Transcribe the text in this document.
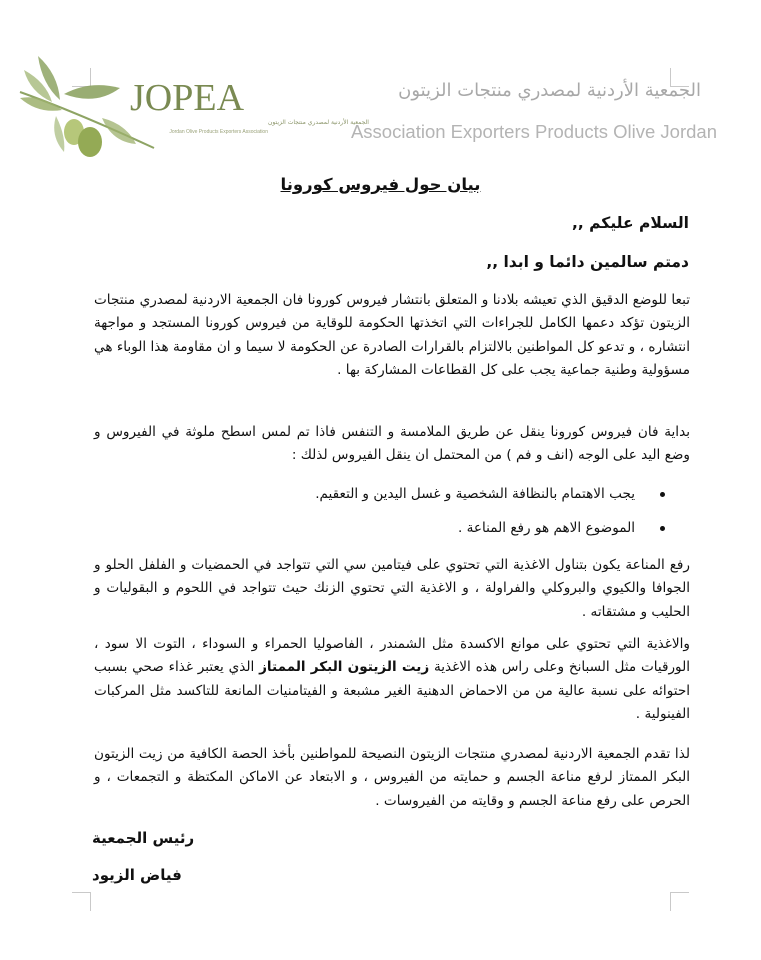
JOPEA
الجمعية الأردنية لمصدري منتجات الزيتون
Jordan Olive Products Exporters Association
الجمعية الأردنية لمصدري منتجات الزيتون
Association Exporters Products Olive Jordan
بيان حول فيروس كورونا
السلام عليكم ,,
دمتم سالمين دائما و ابدا ,,
تبعا للوضع الدقيق الذي تعيشه بلادنا و المتعلق بانتشار فيروس كورونا فان الجمعية الاردنية لمصدري منتجات الزيتون تؤكد دعمها الكامل للجراءات التي اتخذتها الحكومة للوقاية من فيروس كورونا المستجد و مواجهة انتشاره ، و تدعو كل المواطنين بالالتزام بالقرارات الصادرة عن الحكومة لا سيما و ان مقاومة هذا الوباء هي مسؤولية وطنية جماعية يجب على كل القطاعات المشاركة بها .
بداية فان فيروس كورونا ينقل عن طريق الملامسة و التنفس فاذا تم لمس اسطح ملوثة في الفيروس و وضع اليد على الوجه (انف و فم ) من المحتمل ان ينقل الفيروس لذلك :
يجب الاهتمام بالنظافة الشخصية و غسل اليدين و التعقيم.
الموضوع الاهم هو رفع المناعة .
رفع المناعة يكون بتناول الاغذية التي تحتوي على فيتامين سي التي تتواجد في الحمضيات و الفلفل الحلو و الجوافا والكيوي والبروكلي والفراولة ، و الاغذية التي تحتوي الزنك حيث تتواجد في اللحوم و البقوليات و الحليب و مشتقاته .
والاغذية التي تحتوي على موانع الاكسدة مثل الشمندر ، الفاصوليا الحمراء و السوداء ، التوت الا سود ، الورقيات مثل السبانخ وعلى راس هذه الاغذية زيت الزيتون البكر الممتاز الذي يعتبر غذاء صحي بسبب احتوائه على نسبة عالية من من الاحماض الدهنية الغير مشبعة و الفيتامنيات المانعة للتاكسد مثل المركبات الفينولية .
لذا تقدم الجمعية الاردنية لمصدري منتجات الزيتون النصيحة للمواطنين بأخذ الحصة الكافية من زيت الزيتون البكر الممتاز لرفع مناعة الجسم و حمايته من الفيروس ، و الابتعاد عن الاماكن المكتظة و التجمعات ، و الحرص على رفع مناعة الجسم و وقايته من الفيروسات .
رئيس الجمعية
فياض الزيود
